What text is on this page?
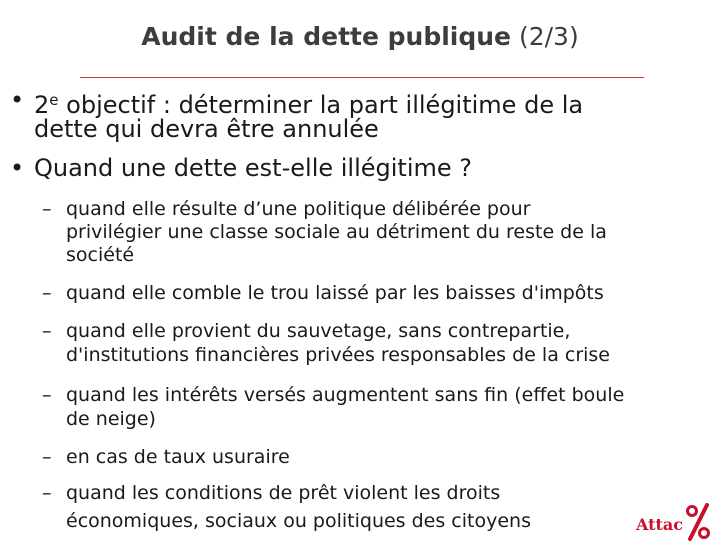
Audit de la dette publique (2/3)
• 2e objectif : déterminer la part illégitime de la
dette qui devra être annulée
• Quand une dette est-elle illégitime ?
– quand elle résulte d’une politique délibérée pour
privilégier une classe sociale au détriment du reste de la
société
– quand elle comble le trou laissé par les baisses d'impôts
– quand elle provient du sauvetage, sans contrepartie,
d'institutions financières privées responsables de la crise
– quand les intérêts versés augmentent sans fin (effet boule
de neige)
– en cas de taux usuraire
– quand les conditions de prêt violent les droits
économiques, sociaux ou politiques des citoyens	Attac
